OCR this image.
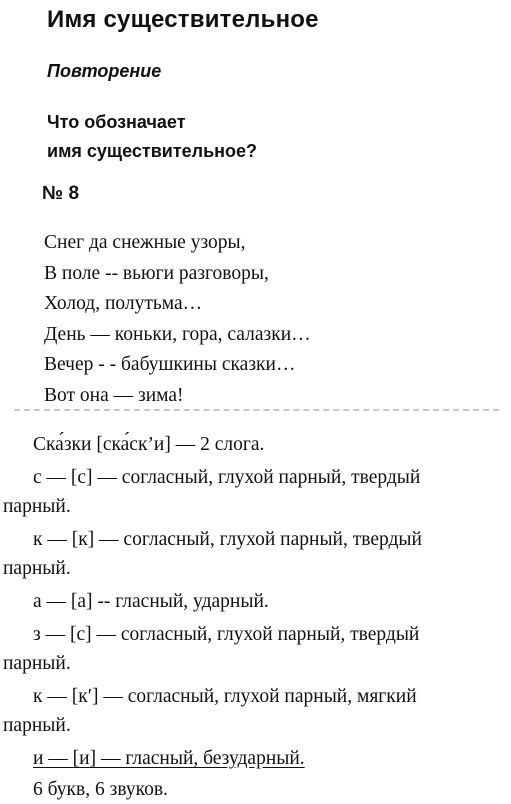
Имя существительное
Повторение
Что обозначает
имя существительное?
№ 8
Снег да снежные узоры,
В поле -- вьюги разговоры,
Холод, полутьма…
День — коньки, гора, салазки…
Вечер - - бабушкины сказки…
Вот она — зима!
Ска́зки [ска́ск’и] — 2 слога.
с — [с] — согласный, глухой парный, твердый
парный.
к — [к] — согласный, глухой парный, твердый
парный.
а — [а] -- гласный, ударный.
з — [с] — согласный, глухой парный, твердый
парный.
к — [к′] — согласный, глухой парный, мягкий
парный.
и — [и] — гласный, безударный.
6 букв, 6 звуков.
